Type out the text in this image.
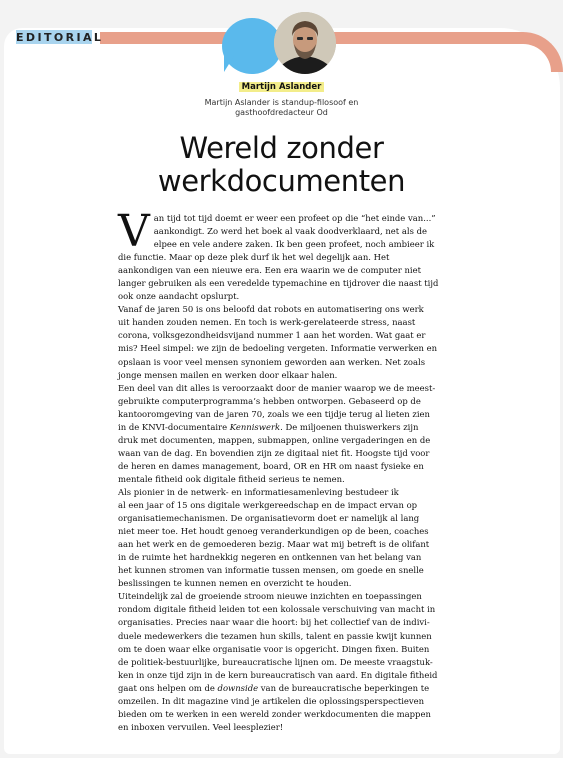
EDITORIAL
Martijn Aslander
Martijn Aslander is standup-filosoof en
gasthoofdredacteur Od
Wereld zonder
werkdocumenten

V an tijd tot tijd doemt er weer een profeet op die “het einde van...”
aankondigt. Zo werd het boek al vaak doodverklaard, net als de
elpee en vele andere zaken. Ik ben geen profeet, noch ambieer ik
die functie. Maar op deze plek durf ik het wel degelijk aan. Het
aankondigen van een nieuwe era. Een era waarin we de computer niet
langer gebruiken als een veredelde typemachine en tijdrover die naast tijd
ook onze aandacht opslurpt.

Vanaf de jaren 50 is ons beloofd dat robots en automatisering ons werk
uit handen zouden nemen. En toch is werk-gerelateerde stress, naast
corona, volksgezondheidsvijand nummer 1 aan het worden. Wat gaat er
mis? Heel simpel: we zijn de bedoeling vergeten. Informatie verwerken en
opslaan is voor veel mensen synoniem geworden aan werken. Net zoals
jonge mensen mailen en werken door elkaar halen.

Een deel van dit alles is veroorzaakt door de manier waarop we de meest-
gebruikte computerprogramma’s hebben ontworpen. Gebaseerd op de
kantooromgeving van de jaren 70, zoals we een tijdje terug al lieten zien
in de KNVI-documentaire Kenniswerk. De miljoenen thuiswerkers zijn
druk met documenten, mappen, submappen, online vergaderingen en de
waan van de dag. En bovendien zijn ze digitaal niet fit. Hoogste tijd voor
de heren en dames management, board, OR en HR om naast fysieke en
mentale fitheid ook digitale fitheid serieus te nemen.

Als pionier in de netwerk- en informatiesamenleving bestudeer ik
al een jaar of 15 ons digitale werkgereedschap en de impact ervan op
organisatiemechanismen. De organisatievorm doet er namelijk al lang
niet meer toe. Het houdt genoeg veranderkundigen op de been, coaches
aan het werk en de gemoederen bezig. Maar wat mij betreft is de olifant
in de ruimte het hardnekkig negeren en ontkennen van het belang van
het kunnen stromen van informatie tussen mensen, om goede en snelle
beslissingen te kunnen nemen en overzicht te houden.

Uiteindelijk zal de groeiende stroom nieuwe inzichten en toepassingen
rondom digitale fitheid leiden tot een kolossale verschuiving van macht in
organisaties. Precies naar waar die hoort: bij het collectief van de indivi-
duele medewerkers die tezamen hun skills, talent en passie kwijt kunnen
om te doen waar elke organisatie voor is opgericht. Dingen fixen. Buiten
de politiek-bestuurlijke, bureaucratische lijnen om. De meeste vraagstuk-
ken in onze tijd zijn in de kern bureaucratisch van aard. En digitale fitheid
gaat ons helpen om de downside van de bureaucratische beperkingen te
omzeilen. In dit magazine vind je artikelen die oplossingsperspectieven
bieden om te werken in een wereld zonder werkdocumenten die mappen
en inboxen vervuilen. Veel leesplezier!
